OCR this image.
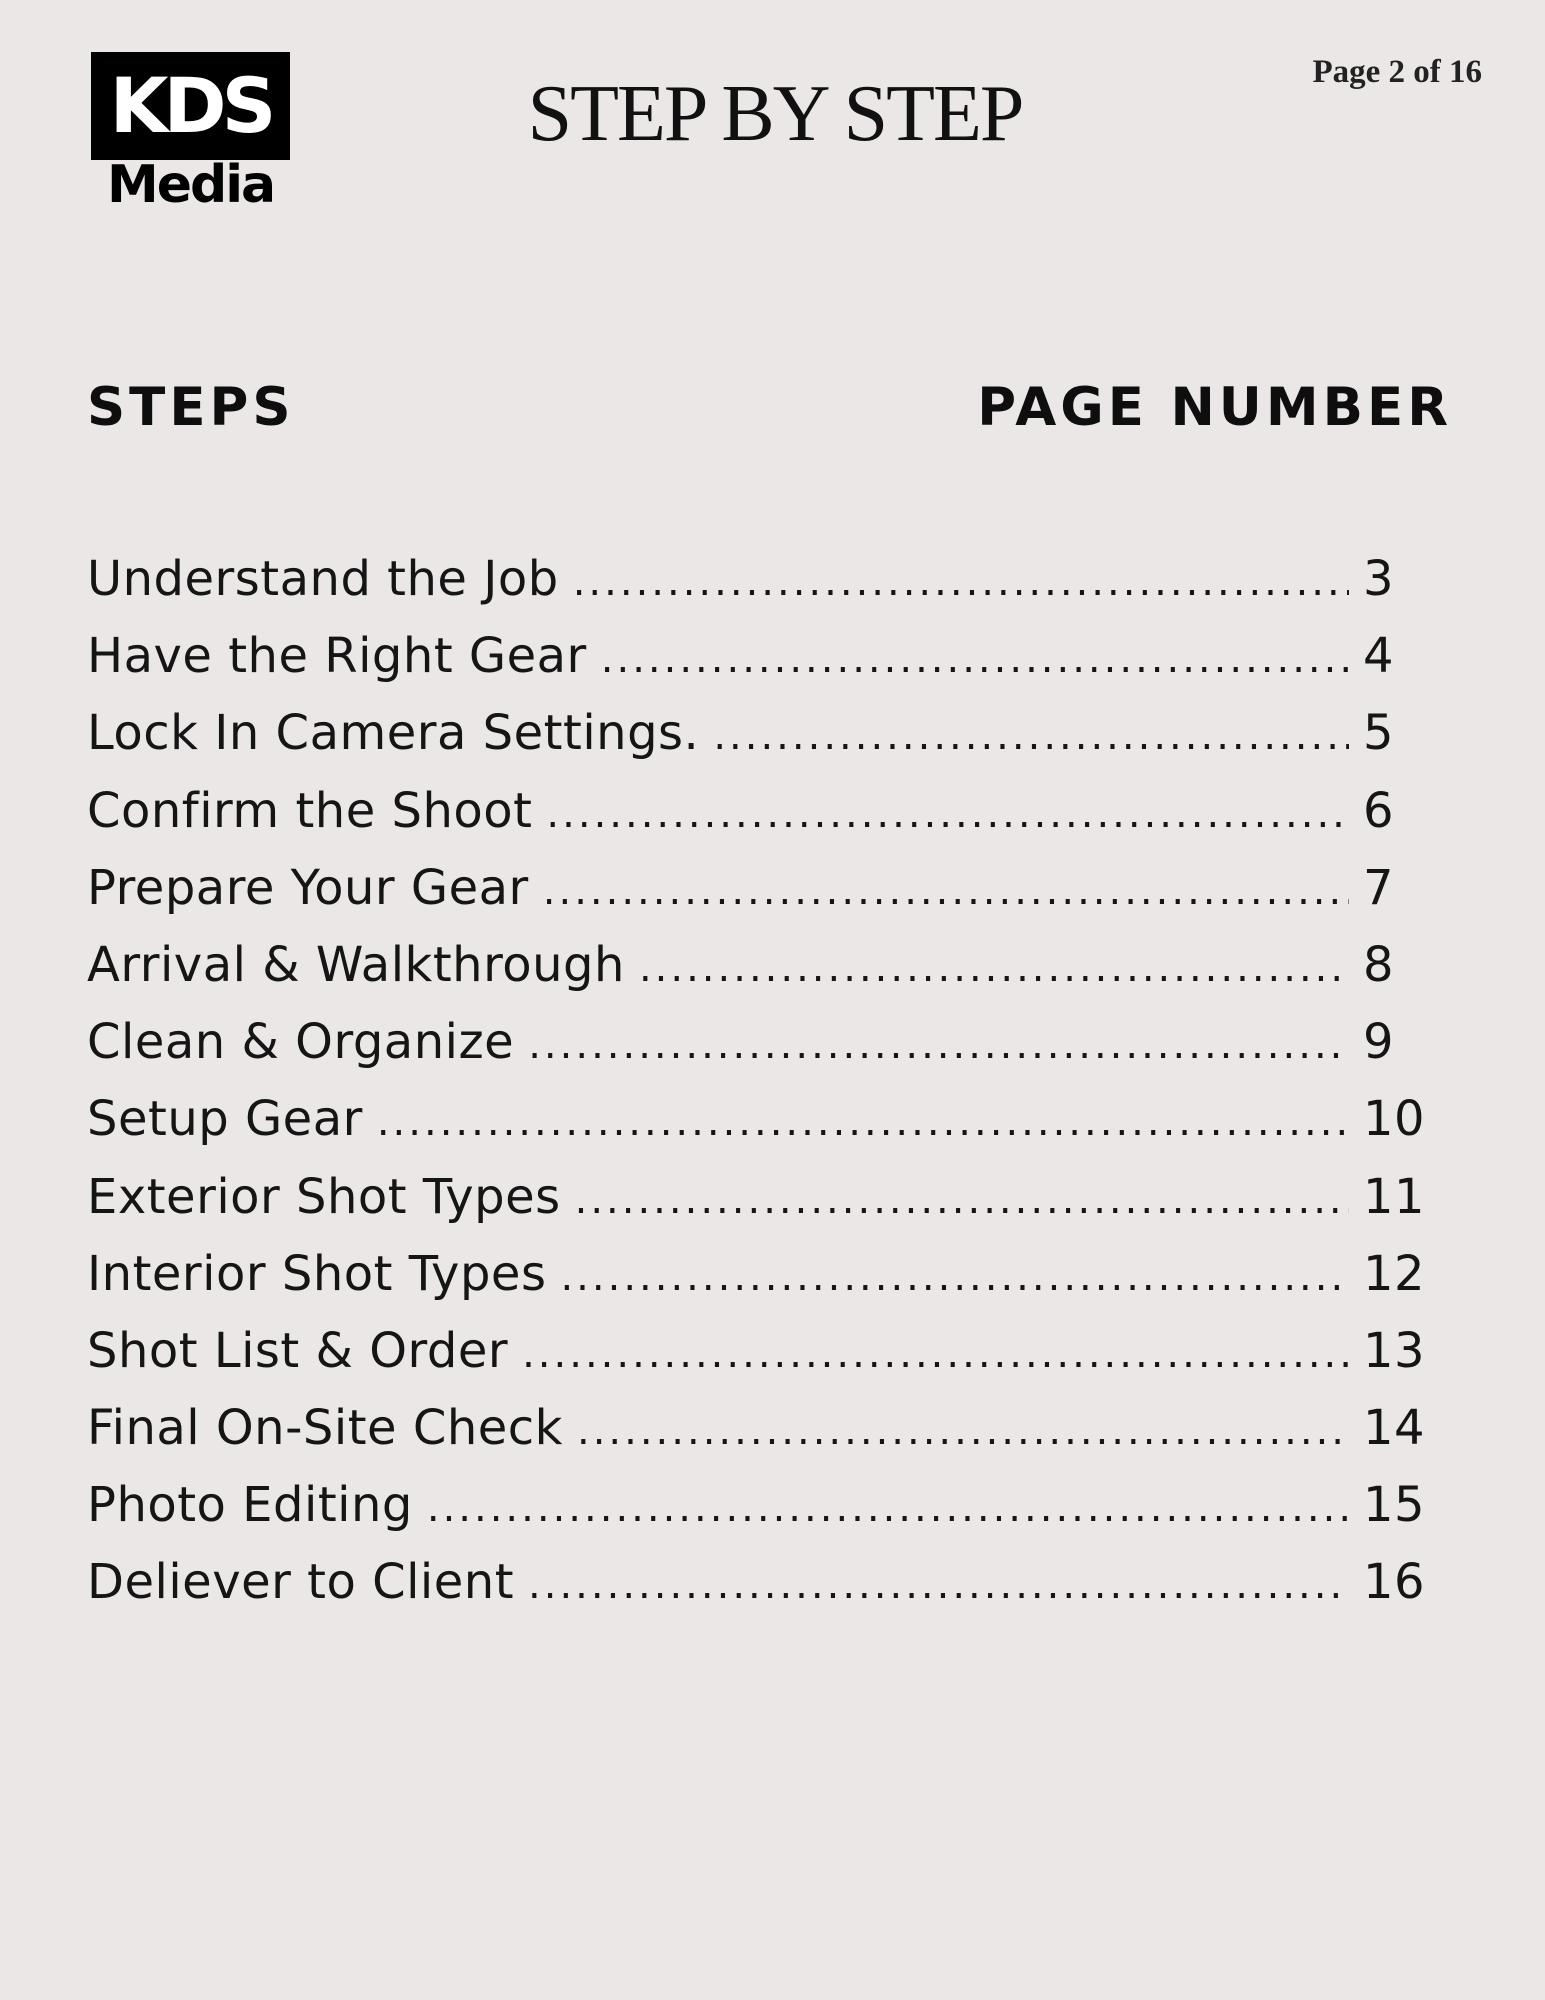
KDS
Media
STEP BY STEP	Page 2 of 16
STEPS	PAGE NUMBER
Understand the Job .....	3
Have the Right Gear .....	4
Lock In Camera Settings. .....	5
Confirm the Shoot .....	6
Prepare Your Gear .....	7
Arrival & Walkthrough .....	8
Clean & Organize .....	9
Setup Gear .....	10
Exterior Shot Types .....	11
Interior Shot Types .....	12
Shot List & Order .....	13
Final On-Site Check .....	14
Photo Editing .....	15
Deliever to Client .....	16
